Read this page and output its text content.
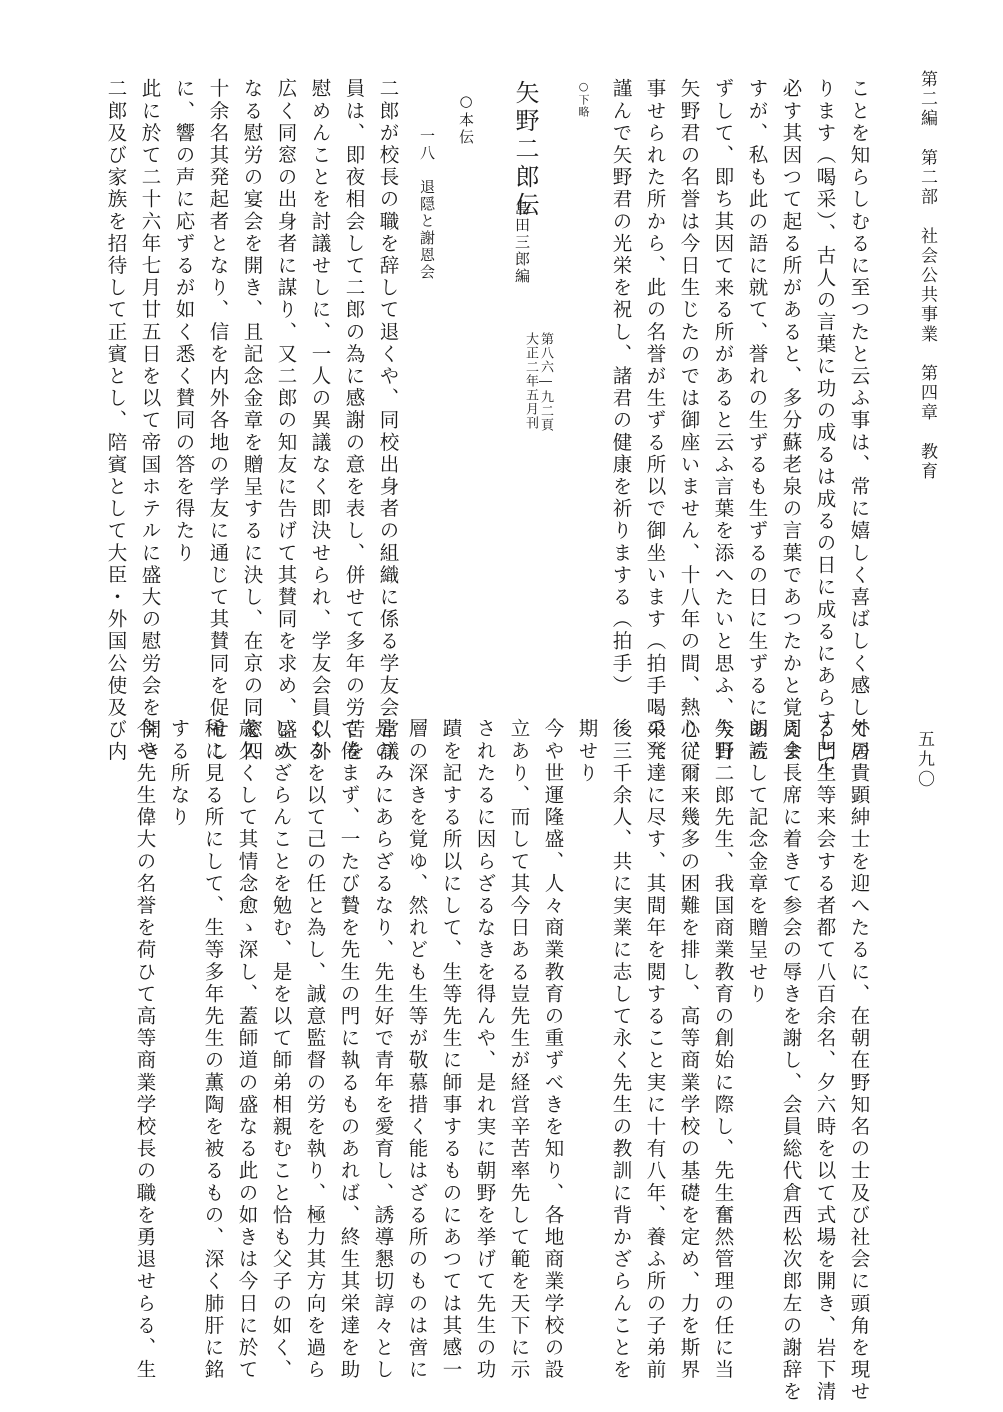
第二編　第二部　社会公共事業　第四章　教育

五九〇

ことを知らしむるに至つたと云ふ事は、常に嬉しく喜ばしく感して居

ります（喝采）、古人の言葉に功の成るは成るの日に成るにあらすして

必す其因つて起る所があると、多分蘇老泉の言葉であつたかと覚えま

すが、私も此の語に就て、誉れの生ずるも生ずるの日に生ずるにあら

ずして、即ち其因て来る所があると云ふ言葉を添へたいと思ふ、今日

矢野君の名誉は今日生じたのでは御座いません、十八年の間、熱心従

事せられた所から、此の名誉が生ずる所以で御坐います（拍手喝采）、

謹んで矢野君の光栄を祝し、諸君の健康を祈りまする（拍手）

○下略

矢野二郎伝

島田三郎編

第八六―九二頁

大正二年五月刊

○本伝

一八　退隠と謝恩会

二郎が校長の職を辞して退くや、同校出身者の組織に係る学友会常議

員は、即夜相会して二郎の為に感謝の意を表し、併せて多年の労苦を

慰めんことを討議せしに、一人の異議なく即決せられ、学友会員以外

広く同窓の出身者に謀り、又二郎の知友に告げて其賛同を求め、盛大

なる慰労の宴会を開き、且記念金章を贈呈するに決し、在京の同窓四

十余名其発起者となり、信を内外各地の学友に通じて其賛同を促せし

に、響の声に応ずるが如く悉く賛同の答を得たり

此に於て二十六年七月廿五日を以て帝国ホテルに盛大の慰労会を開き

二郎及び家族を招待して正賓とし、陪賓として大臣・外国公使及び内

外の貴顕紳士を迎へたるに、在朝在野知名の士及び社会に頭角を現せ

る門生等来会する者都て八百余名、夕六時を以て式場を開き、岩下清

周会長席に着きて参会の辱きを謝し、会員総代倉西松次郎左の謝辞を

朗読して記念金章を贈呈せり

矢野二郎先生、我国商業教育の創始に際し、先生奮然管理の任に当

り、爾来幾多の困難を排し、高等商業学校の基礎を定め、力を斯界

の発達に尽す、其間年を閲すること実に十有八年、養ふ所の子弟前

後三千余人、共に実業に志して永く先生の教訓に背かざらんことを

期せり

今や世運隆盛、人々商業教育の重ずべきを知り、各地商業学校の設

立あり、而して其今日ある豈先生が経営辛苦率先して範を天下に示

されたるに因らざるなきを得んや、是れ実に朝野を挙げて先生の功

蹟を記する所以にして、生等先生に師事するものにあつては其感一

層の深きを覚ゆ、然れども生等が敬慕措く能はざる所のものは啻に

是のみにあらざるなり、先生好で青年を愛育し、誘導懇切諄々とし

て倦まず、一たび贄を先生の門に執るものあれば、終生其栄達を助

くるを以て己の任と為し、誠意監督の労を執り、極力其方向を過ら

しめざらんことを勉む、是を以て師弟相親むこと恰も父子の如く、

歳久くして其情念愈ゝ深し、蓋師道の盛なる此の如きは今日に於て

稀に見る所にして、生等多年先生の薫陶を被るもの、深く肺肝に銘

する所なり

今や先生偉大の名誉を荷ひて高等商業学校長の職を勇退せらる、生
